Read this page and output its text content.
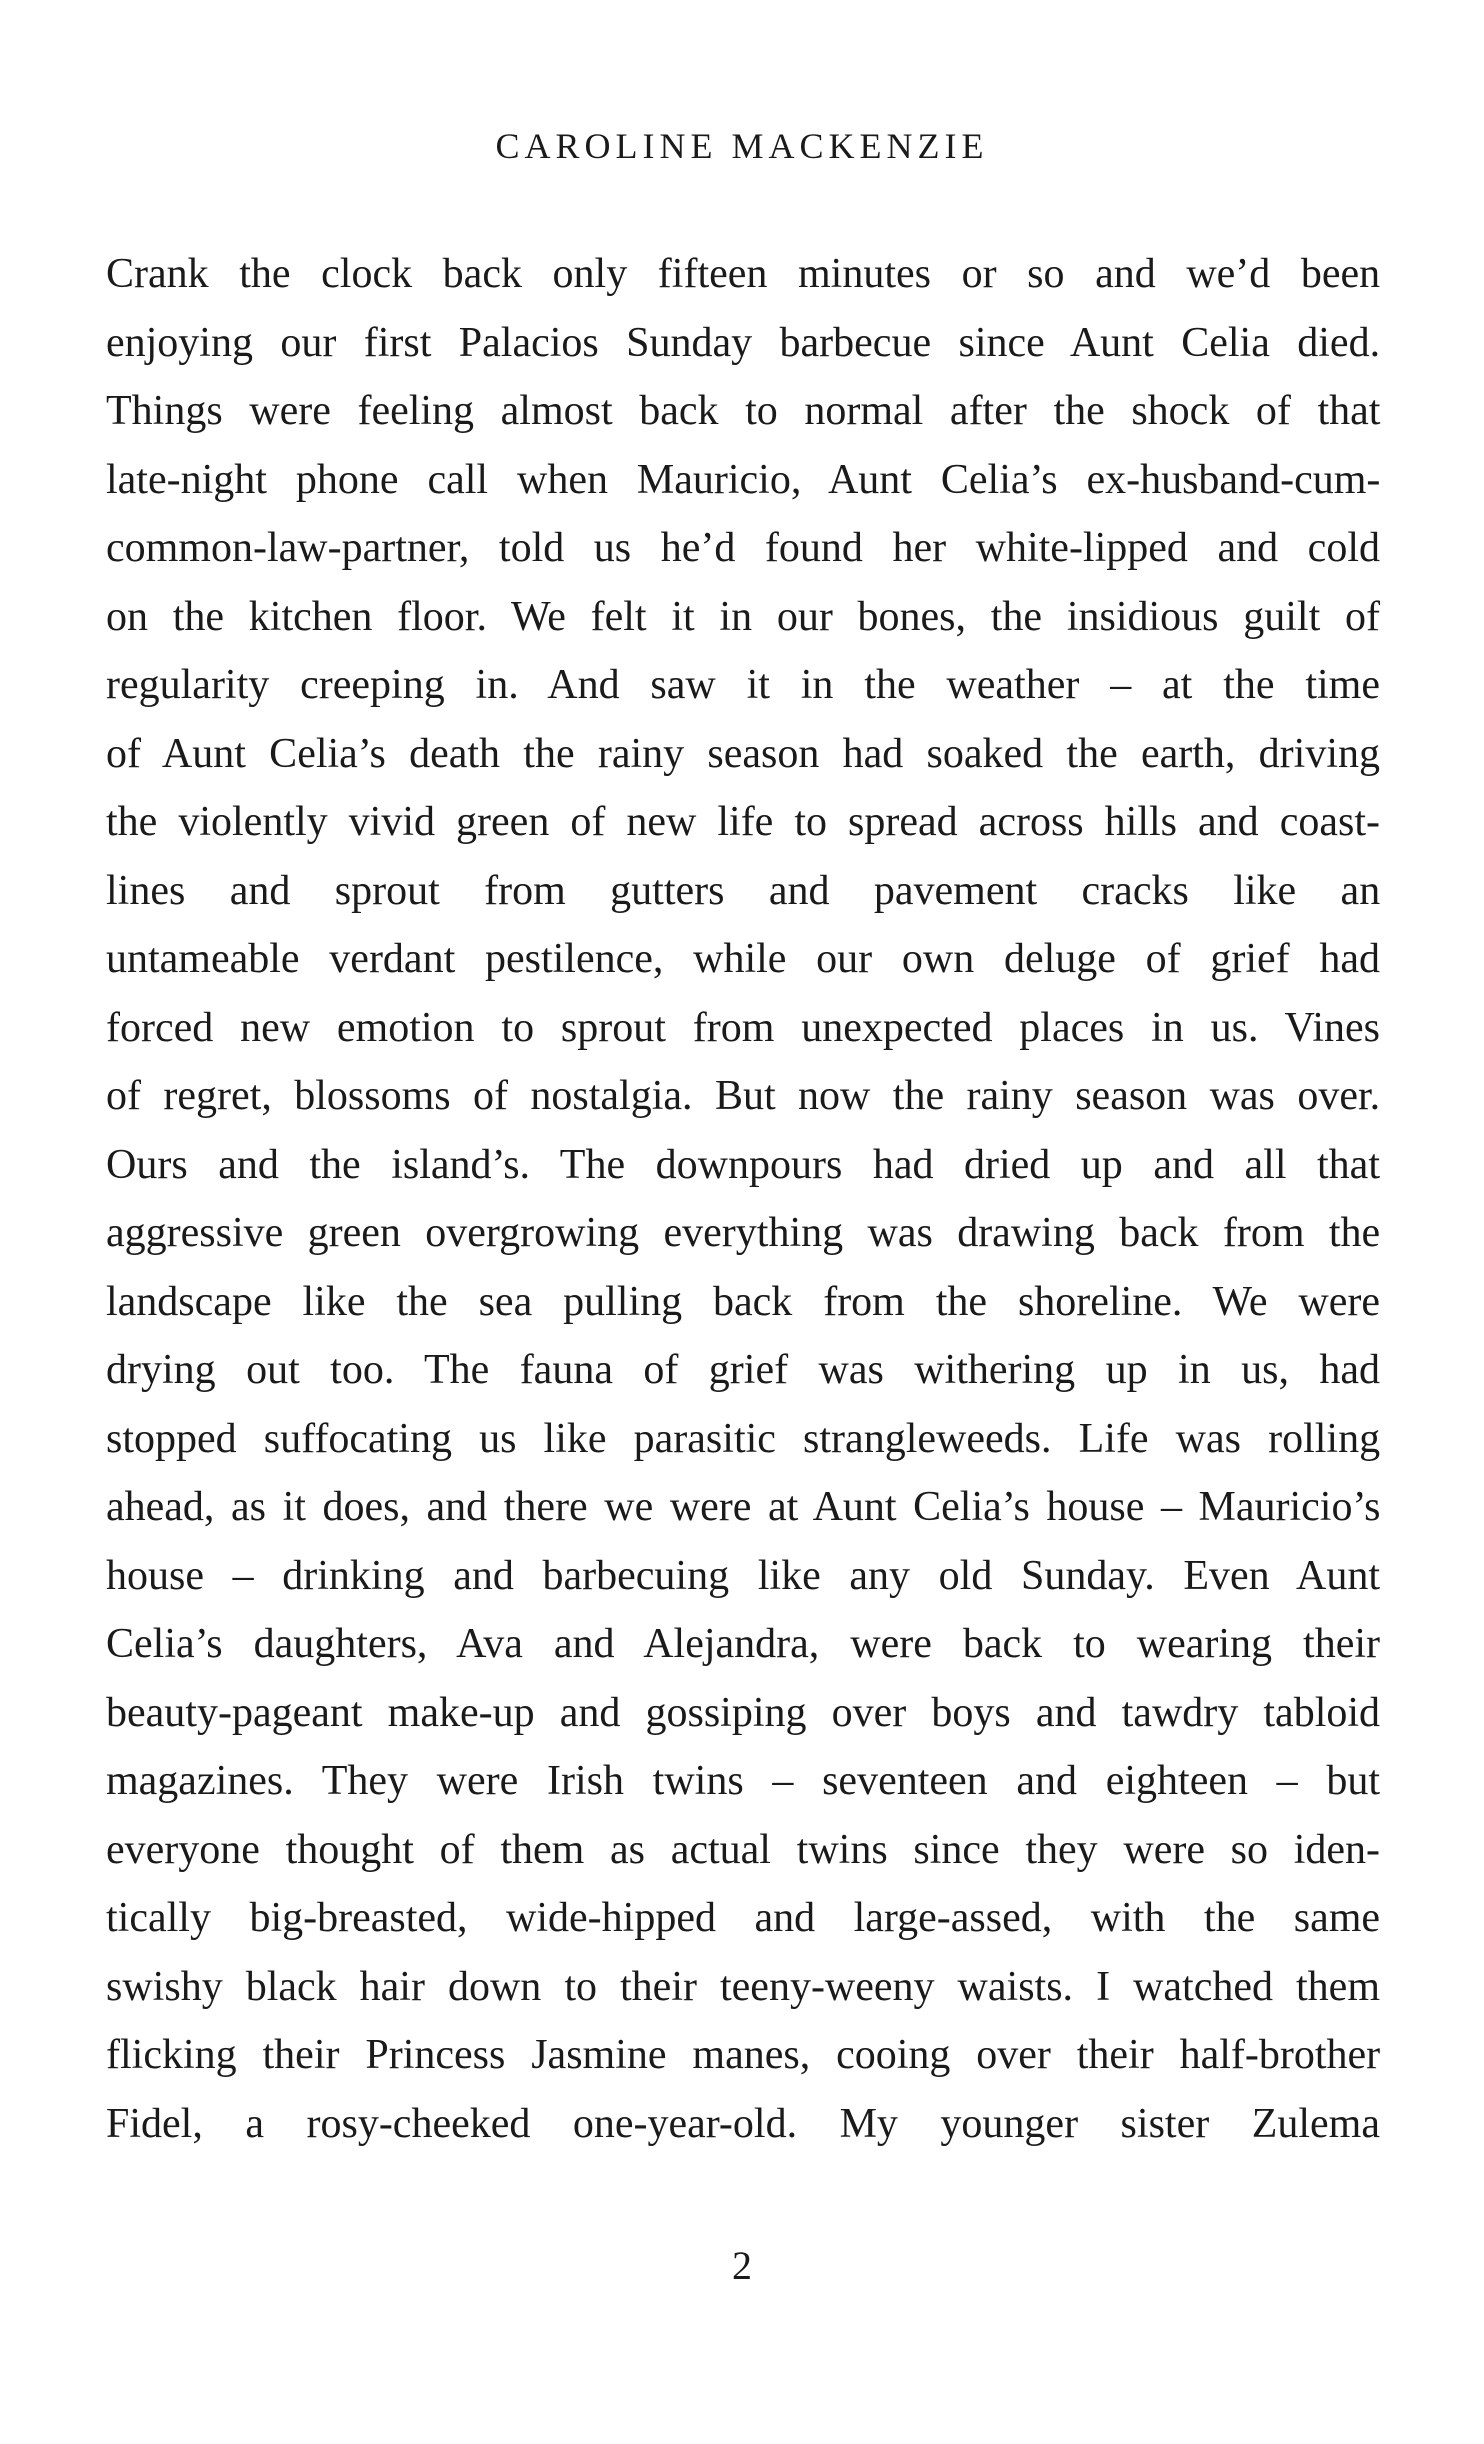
CAROLINE MACKENZIE
Crank the clock back only fifteen minutes or so and we’d been
enjoying our first Palacios Sunday barbecue since Aunt Celia died.
Things were feeling almost back to normal after the shock of that
late-night phone call when Mauricio, Aunt Celia’s ex-husband-cum-
common-law-partner, told us he’d found her white-lipped and cold
on the kitchen floor. We felt it in our bones, the insidious guilt of
regularity creeping in. And saw it in the weather – at the time
of Aunt Celia’s death the rainy season had soaked the earth, driving
the violently vivid green of new life to spread across hills and coast-
lines and sprout from gutters and pavement cracks like an
untameable verdant pestilence, while our own deluge of grief had
forced new emotion to sprout from unexpected places in us. Vines
of regret, blossoms of nostalgia. But now the rainy season was over.
Ours and the island’s. The downpours had dried up and all that
aggressive green overgrowing everything was drawing back from the
landscape like the sea pulling back from the shoreline. We were
drying out too. The fauna of grief was withering up in us, had
stopped suffocating us like parasitic strangleweeds. Life was rolling
ahead, as it does, and there we were at Aunt Celia’s house – Mauricio’s
house – drinking and barbecuing like any old Sunday. Even Aunt
Celia’s daughters, Ava and Alejandra, were back to wearing their
beauty-pageant make-up and gossiping over boys and tawdry tabloid
magazines. They were Irish twins – seventeen and eighteen – but
everyone thought of them as actual twins since they were so iden-
tically big-breasted, wide-hipped and large-assed, with the same
swishy black hair down to their teeny-weeny waists. I watched them
flicking their Princess Jasmine manes, cooing over their half-brother
Fidel, a rosy-cheeked one-year-old. My younger sister Zulema
2
